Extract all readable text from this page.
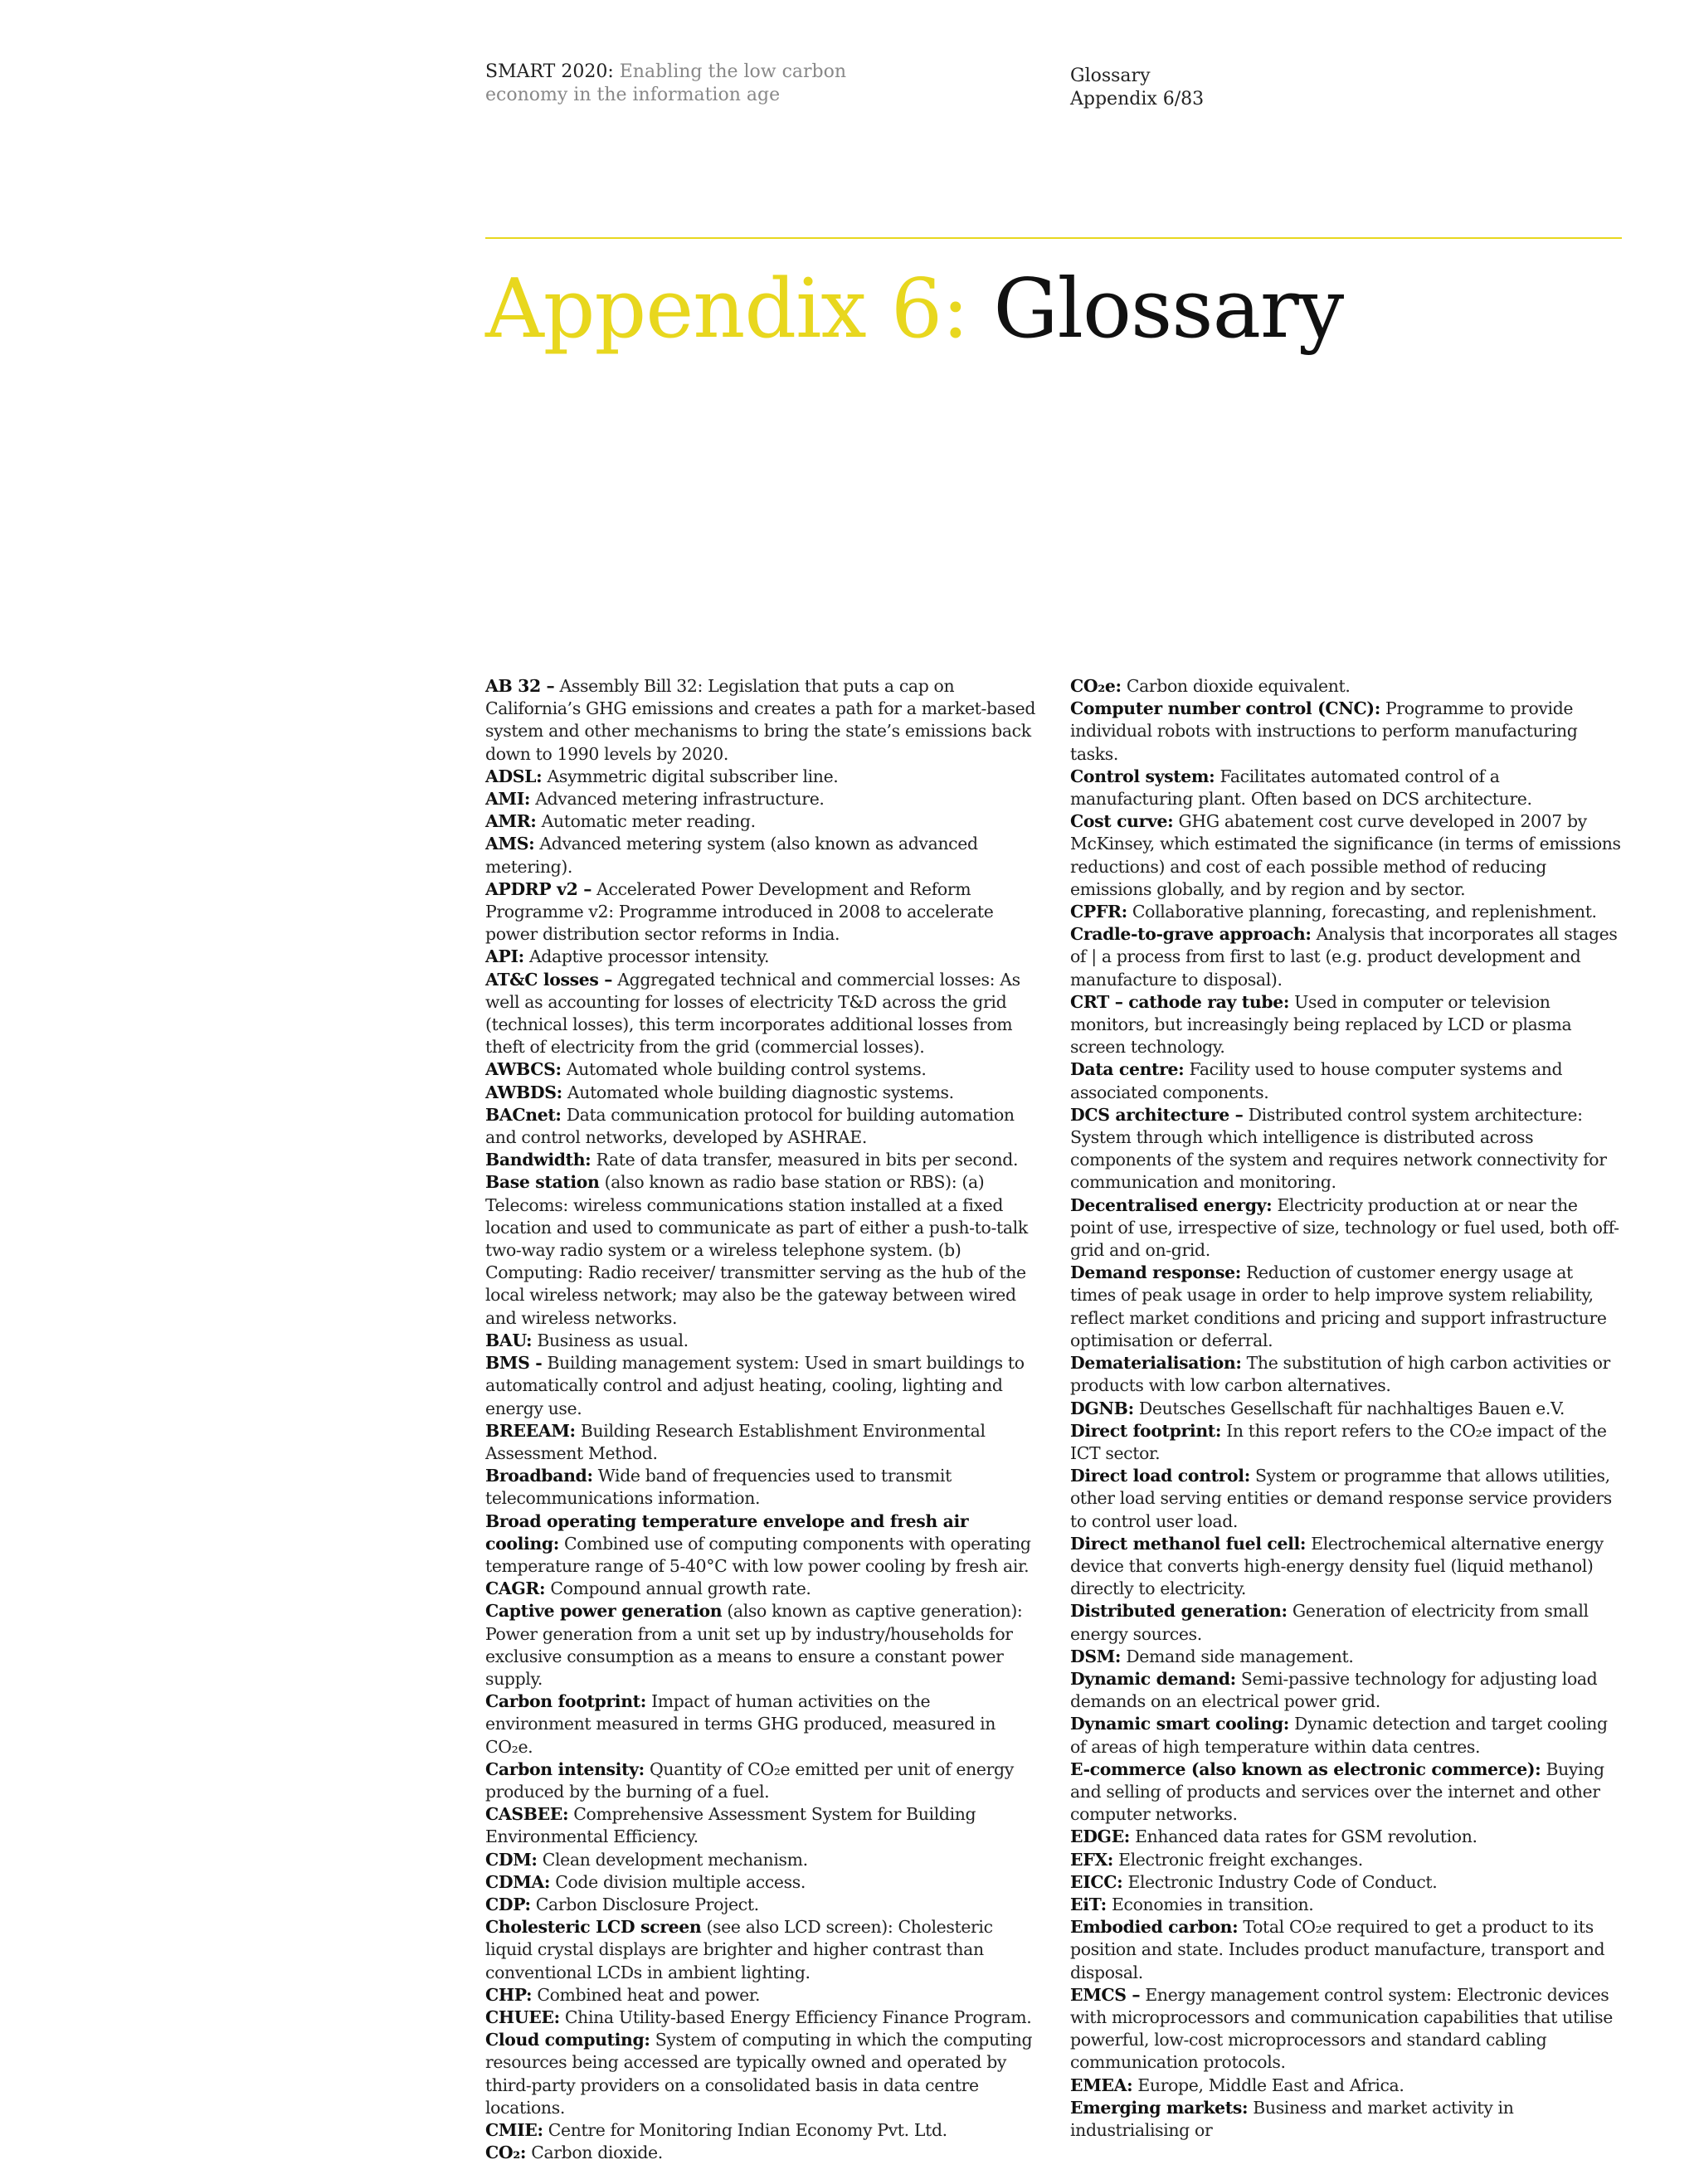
SMART 2020: Enabling the low carbon economy in the information age
Glossary
Appendix 6/83
Appendix 6: Glossary

AB 32 – Assembly Bill 32: Legislation that puts a cap on California’s GHG emissions and creates a path for a market-based system and other mechanisms to bring the state’s emissions back down to 1990 levels by 2020.

ADSL: Asymmetric digital subscriber line.

AMI: Advanced metering infrastructure.

AMR: Automatic meter reading.

AMS: Advanced metering system (also known as advanced metering).

APDRP v2 – Accelerated Power Development and Reform Programme v2: Programme introduced in 2008 to accelerate power distribution sector reforms in India.

API: Adaptive processor intensity.

AT&C losses – Aggregated technical and commercial losses: As well as accounting for losses of electricity T&D across the grid (technical losses), this term incorporates additional losses from theft of electricity from the grid (commercial losses).

AWBCS: Automated whole building control systems.

AWBDS: Automated whole building diagnostic systems.

BACnet: Data communication protocol for building automation and control networks, developed by ASHRAE.

Bandwidth: Rate of data transfer, measured in bits per second.

Base station (also known as radio base station or RBS): (a) Telecoms: wireless communications station installed at a fixed location and used to communicate as part of either a push-to-talk two-way radio system or a wireless telephone system. (b) Computing: Radio receiver/ transmitter serving as the hub of the local wireless network; may also be the gateway between wired and wireless networks.

BAU: Business as usual.

BMS - Building management system: Used in smart buildings to automatically control and adjust heating, cooling, lighting and energy use.

BREEAM: Building Research Establishment Environmental Assessment Method.

Broadband: Wide band of frequencies used to transmit telecommunications information.

Broad operating temperature envelope and fresh air cooling: Combined use of computing components with operating temperature range of 5-40°C with low power cooling by fresh air.

CAGR: Compound annual growth rate.

Captive power generation (also known as captive generation): Power generation from a unit set up by industry/households for exclusive consumption as a means to ensure a constant power supply.

Carbon footprint: Impact of human activities on the environment measured in terms GHG produced, measured in CO₂e.

Carbon intensity: Quantity of CO₂e emitted per unit of energy produced by the burning of a fuel.

CASBEE: Comprehensive Assessment System for Building Environmental Efficiency.

CDM: Clean development mechanism.

CDMA: Code division multiple access.

CDP: Carbon Disclosure Project.

Cholesteric LCD screen (see also LCD screen): Cholesteric liquid crystal displays are brighter and higher contrast than conventional LCDs in ambient lighting.

CHP: Combined heat and power.

CHUEE: China Utility-based Energy Efficiency Finance Program.

Cloud computing: System of computing in which the computing resources being accessed are typically owned and operated by third-party providers on a consolidated basis in data centre locations.

CMIE: Centre for Monitoring Indian Economy Pvt. Ltd.

CO₂: Carbon dioxide.

CO₂e: Carbon dioxide equivalent.

Computer number control (CNC): Programme to provide individual robots with instructions to perform manufacturing tasks.

Control system: Facilitates automated control of a manufacturing plant. Often based on DCS architecture.

Cost curve: GHG abatement cost curve developed in 2007 by McKinsey, which estimated the significance (in terms of emissions reductions) and cost of each possible method of reducing emissions globally, and by region and by sector.

CPFR: Collaborative planning, forecasting, and replenishment.

Cradle-to-grave approach: Analysis that incorporates all stages of | a process from first to last (e.g. product development and manufacture to disposal).

CRT – cathode ray tube: Used in computer or television monitors, but increasingly being replaced by LCD or plasma screen technology.

Data centre: Facility used to house computer systems and associated components.

DCS architecture – Distributed control system architecture: System through which intelligence is distributed across components of the system and requires network connectivity for communication and monitoring.

Decentralised energy: Electricity production at or near the point of use, irrespective of size, technology or fuel used, both off-grid and on-grid.

Demand response: Reduction of customer energy usage at times of peak usage in order to help improve system reliability, reflect market conditions and pricing and support infrastructure optimisation or deferral.

Dematerialisation: The substitution of high carbon activities or products with low carbon alternatives.

DGNB: Deutsches Gesellschaft für nachhaltiges Bauen e.V.

Direct footprint: In this report refers to the CO₂e impact of the ICT sector.

Direct load control: System or programme that allows utilities, other load serving entities or demand response service providers to control user load.

Direct methanol fuel cell: Electrochemical alternative energy device that converts high-energy density fuel (liquid methanol) directly to electricity.

Distributed generation: Generation of electricity from small energy sources.

DSM: Demand side management.

Dynamic demand: Semi-passive technology for adjusting load demands on an electrical power grid.

Dynamic smart cooling: Dynamic detection and target cooling of areas of high temperature within data centres.

E-commerce (also known as electronic commerce): Buying and selling of products and services over the internet and other computer networks.

EDGE: Enhanced data rates for GSM revolution.

EFX: Electronic freight exchanges.

EICC: Electronic Industry Code of Conduct.

EiT: Economies in transition.

Embodied carbon: Total CO₂e required to get a product to its position and state. Includes product manufacture, transport and disposal.

EMCS – Energy management control system: Electronic devices with microprocessors and communication capabilities that utilise powerful, low-cost microprocessors and standard cabling communication protocols.

EMEA: Europe, Middle East and Africa.

Emerging markets: Business and market activity in industrialising or
